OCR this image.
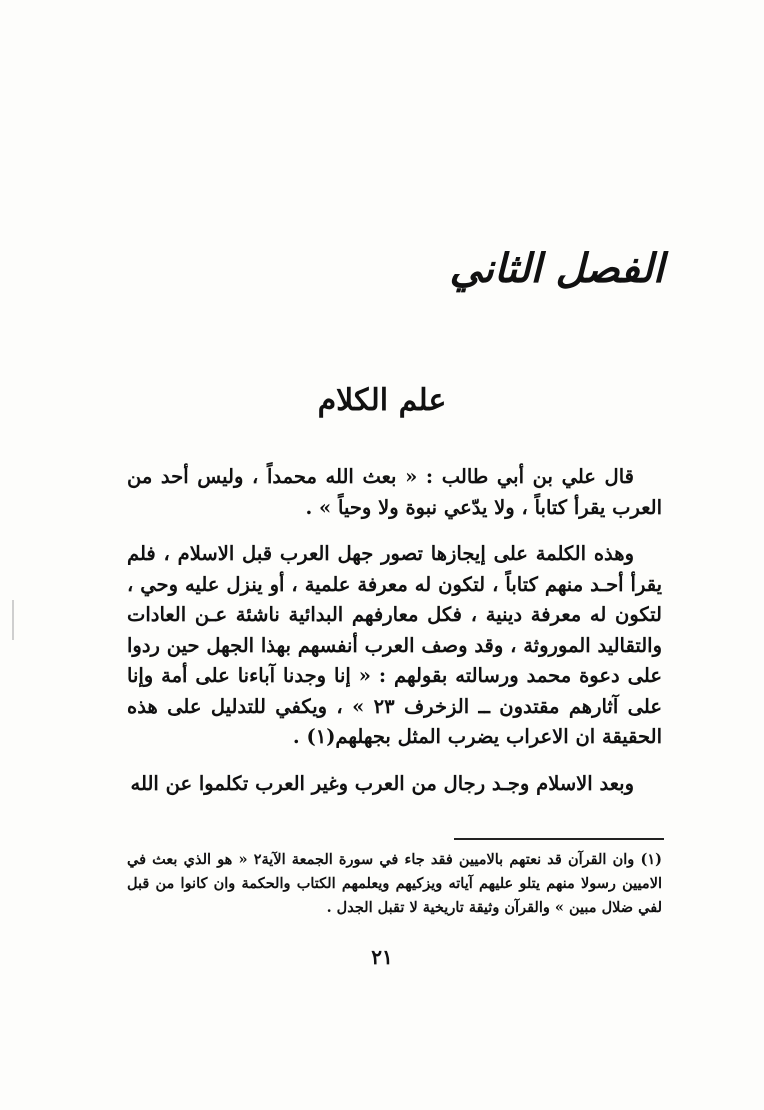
الفصل الثاني
علم الكلام

قال علي بن أبي طالب : « بعث الله محمداً ، وليس أحد من العرب يقرأ كتاباً ، ولا يدّعي نبوة ولا وحياً » .

وهذه الكلمة على إيجازها تصور جهل العرب قبل الاسلام ، فلم يقرأ أحـد منهم كتاباً ، لتكون له معرفة علمية ، أو ينزل عليه وحي ، لتكون له معرفة دينية ، فكل معارفهم البدائية ناشئة عـن العادات والتقاليد الموروثة ، وقد وصف العرب أنفسهم بهذا الجهل حين ردوا على دعوة محمد ورسالته بقولهم : « إنا وجدنا آباءنا على أمة وإنا على آثارهم مقتدون ــ الزخرف ٢٣ » ، ويكفي للتدليل على هذه الحقيقة ان الاعراب يضرب المثل بجهلهم(١) .

وبعد الاسلام وجـد رجال من العرب وغير العرب تكلموا عن الله

(١) وان القرآن قد نعتهم بالاميين فقد جاء في سورة الجمعة الآية٢ « هو الذي بعث في الاميين رسولا منهم يتلو عليهم آياته ويزكيهم ويعلمهم الكتاب والحكمة وان كانوا من قبل لفي ضلال مبين » والقرآن وثيقة تاريخية لا تقبل الجدل .

٢١
